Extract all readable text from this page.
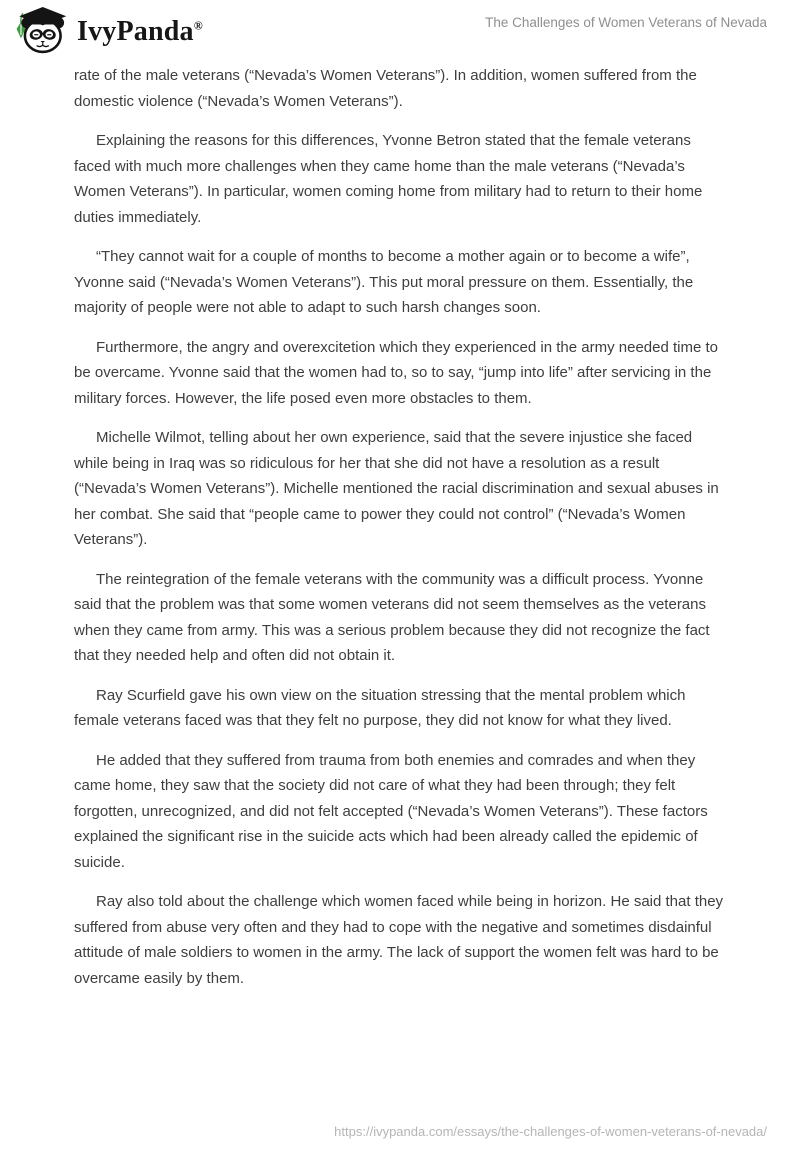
IvyPanda®	The Challenges of Women Veterans of Nevada

rate of the male veterans (“Nevada’s Women Veterans”). In addition, women suffered from the domestic violence (“Nevada’s Women Veterans”).

Explaining the reasons for this differences, Yvonne Betron stated that the female veterans faced with much more challenges when they came home than the male veterans (“Nevada’s Women Veterans”). In particular, women coming home from military had to return to their home duties immediately.

“They cannot wait for a couple of months to become a mother again or to become a wife”, Yvonne said (“Nevada’s Women Veterans”). This put moral pressure on them. Essentially, the majority of people were not able to adapt to such harsh changes soon.

Furthermore, the angry and overexcitetion which they experienced in the army needed time to be overcame. Yvonne said that the women had to, so to say, “jump into life” after servicing in the military forces. However, the life posed even more obstacles to them.

Michelle Wilmot, telling about her own experience, said that the severe injustice she faced while being in Iraq was so ridiculous for her that she did not have a resolution as a result (“Nevada’s Women Veterans”). Michelle mentioned the racial discrimination and sexual abuses in her combat. She said that “people came to power they could not control” (“Nevada’s Women Veterans”).

The reintegration of the female veterans with the community was a difficult process. Yvonne said that the problem was that some women veterans did not seem themselves as the veterans when they came from army. This was a serious problem because they did not recognize the fact that they needed help and often did not obtain it.

Ray Scurfield gave his own view on the situation stressing that the mental problem which female veterans faced was that they felt no purpose, they did not know for what they lived.

He added that they suffered from trauma from both enemies and comrades and when they came home, they saw that the society did not care of what they had been through; they felt forgotten, unrecognized, and did not felt accepted (“Nevada’s Women Veterans”). These factors explained the significant rise in the suicide acts which had been already called the epidemic of suicide.

Ray also told about the challenge which women faced while being in horizon. He said that they suffered from abuse very often and they had to cope with the negative and sometimes disdainful attitude of male soldiers to women in the army. The lack of support the women felt was hard to be overcame easily by them.

https://ivypanda.com/essays/the-challenges-of-women-veterans-of-nevada/
